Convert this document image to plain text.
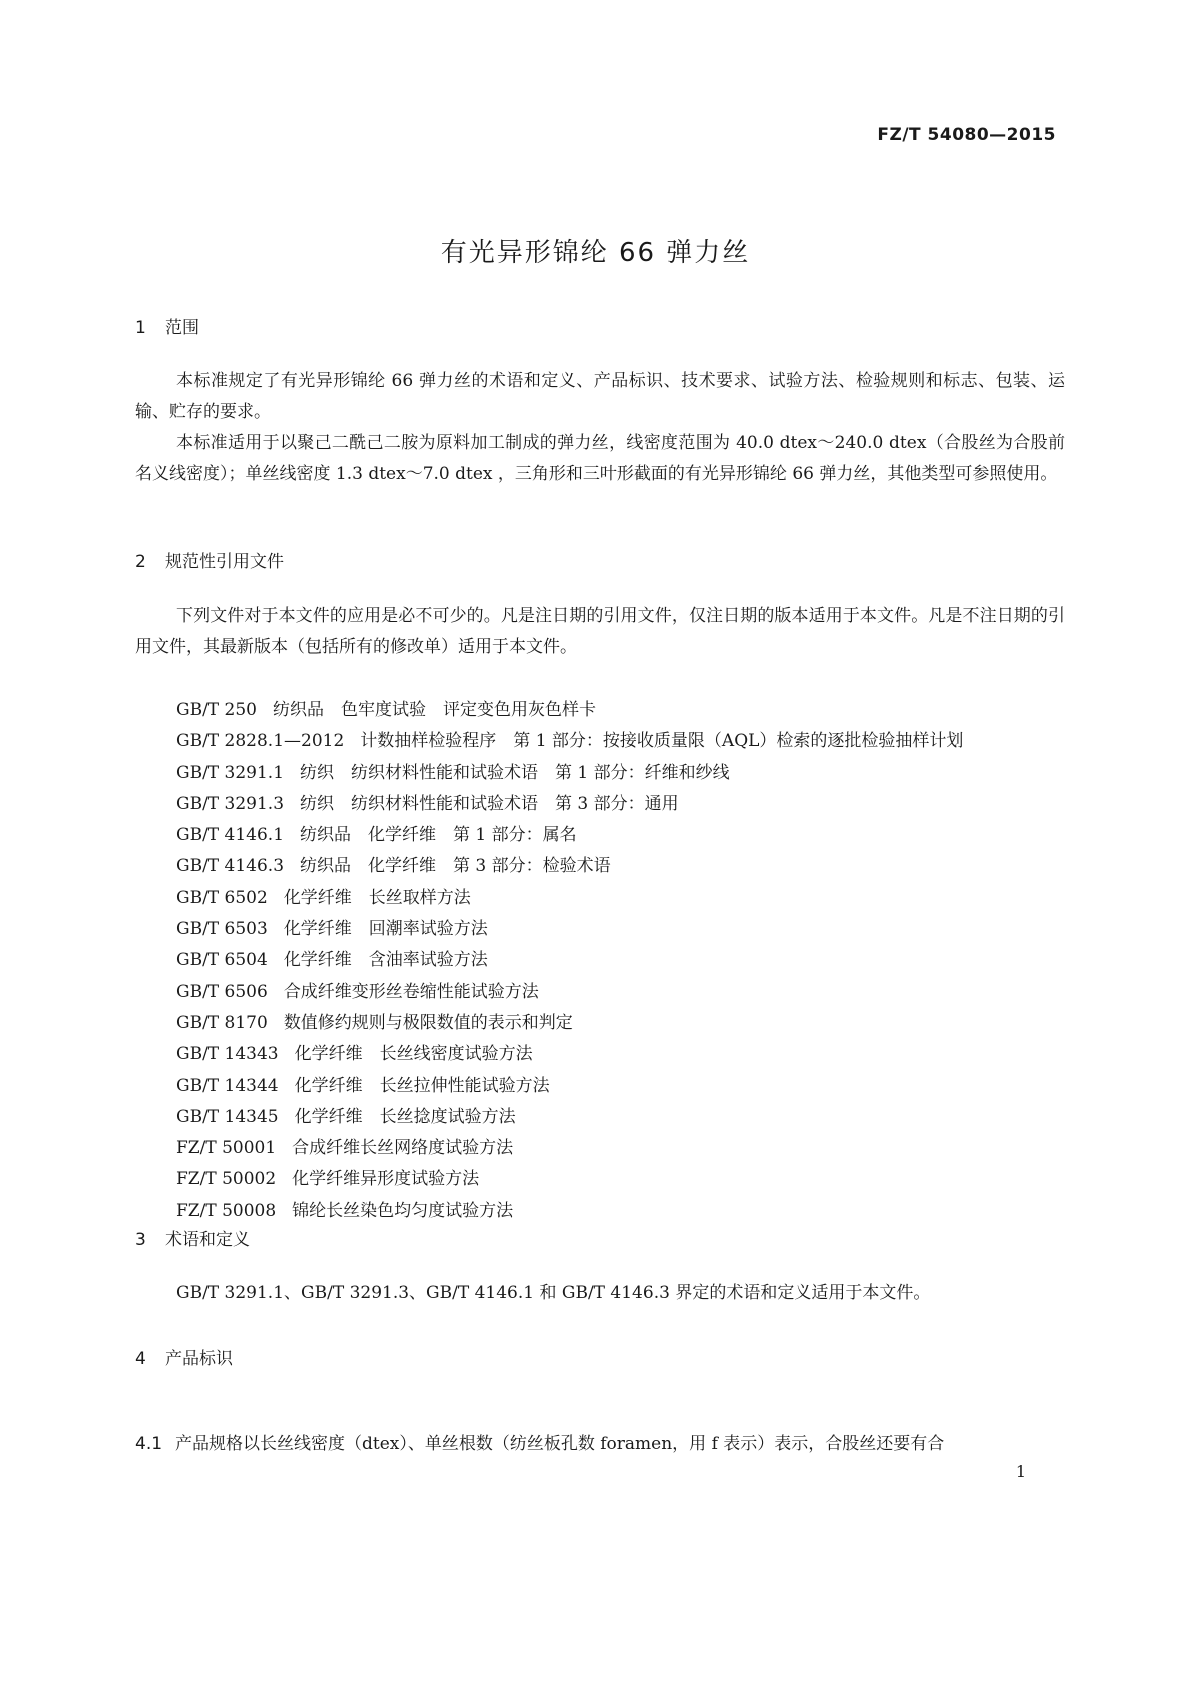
FZ/T 54080—2015
有光异形锦纶 66 弹力丝
1 范围

本标准规定了有光异形锦纶 66 弹力丝的术语和定义、产品标识、技术要求、试验方法、检验规则和标志、包装、运输、贮存的要求。

本标准适用于以聚己二酰己二胺为原料加工制成的弹力丝，线密度范围为 40.0 dtex～240.0 dtex（合股丝为合股前名义线密度）；单丝线密度 1.3 dtex～7.0 dtex ，三角形和三叶形截面的有光异形锦纶 66 弹力丝，其他类型可参照使用。

2 规范性引用文件

下列文件对于本文件的应用是必不可少的。凡是注日期的引用文件，仅注日期的版本适用于本文件。凡是不注日期的引用文件，其最新版本（包括所有的修改单）适用于本文件。

GB/T 250 纺织品　色牢度试验　评定变色用灰色样卡
GB/T 2828.1—2012 计数抽样检验程序　第 1 部分：按接收质量限（AQL）检索的逐批检验抽样计划
GB/T 3291.1 纺织　纺织材料性能和试验术语　第 1 部分：纤维和纱线
GB/T 3291.3 纺织　纺织材料性能和试验术语　第 3 部分：通用
GB/T 4146.1 纺织品　化学纤维　第 1 部分：属名
GB/T 4146.3 纺织品　化学纤维　第 3 部分：检验术语
GB/T 6502 化学纤维　长丝取样方法
GB/T 6503 化学纤维　回潮率试验方法
GB/T 6504 化学纤维　含油率试验方法
GB/T 6506 合成纤维变形丝卷缩性能试验方法
GB/T 8170 数值修约规则与极限数值的表示和判定
GB/T 14343 化学纤维　长丝线密度试验方法
GB/T 14344 化学纤维　长丝拉伸性能试验方法
GB/T 14345 化学纤维　长丝捻度试验方法
FZ/T 50001 合成纤维长丝网络度试验方法
FZ/T 50002 化学纤维异形度试验方法
FZ/T 50008 锦纶长丝染色均匀度试验方法
3 术语和定义

GB/T 3291.1、GB/T 3291.3、GB/T 4146.1 和 GB/T 4146.3 界定的术语和定义适用于本文件。

4 产品标识
4.1 产品规格以长丝线密度（dtex）、单丝根数（纺丝板孔数 foramen，用 f 表示）表示，合股丝还要有合
1
